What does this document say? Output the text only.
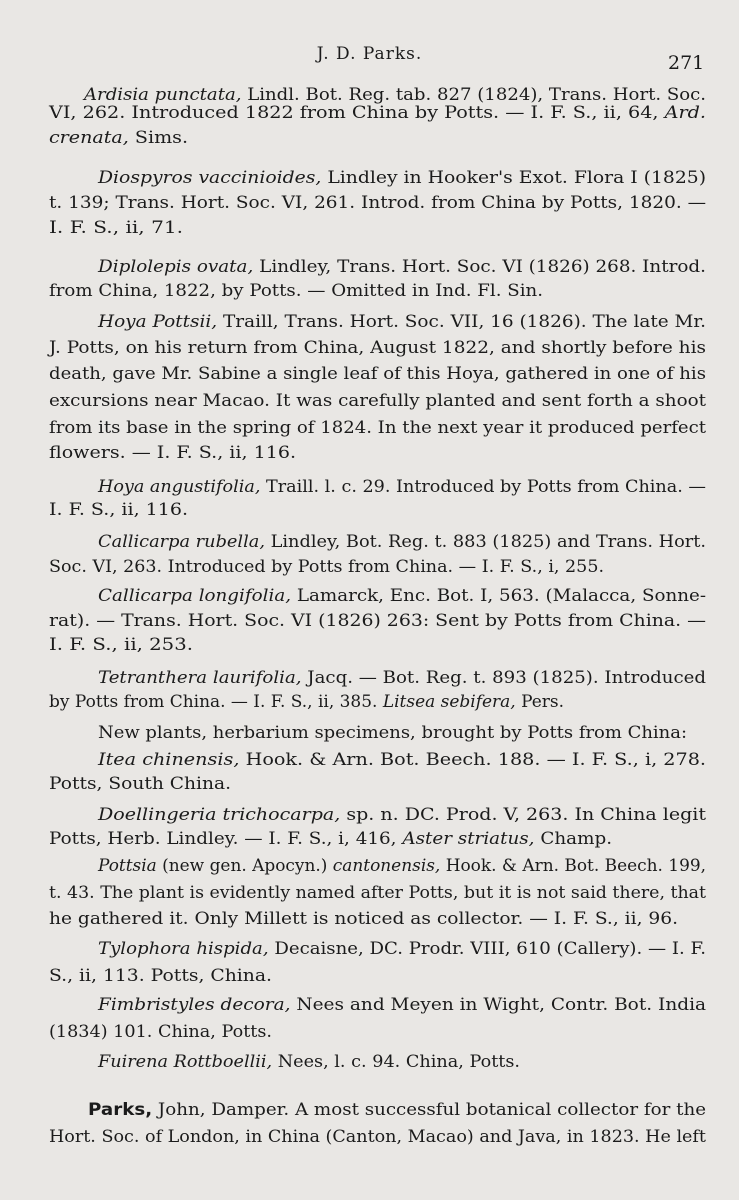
J. D. Parks.	271
Ardisia punctata, Lindl. Bot. Reg. tab. 827 (1824), Trans. Hort. Soc.
VI, 262. Introduced 1822 from China by Potts. — I. F. S., ii, 64, Ard.
crenata, Sims.
Diospyros vaccinioides, Lindley in Hooker's Exot. Flora I (1825)
t. 139; Trans. Hort. Soc. VI, 261. Introd. from China by Potts, 1820. —
I. F. S., ii, 71.
Diplolepis ovata, Lindley, Trans. Hort. Soc. VI (1826) 268. Introd.
from China, 1822, by Potts. — Omitted in Ind. Fl. Sin.
Hoya Pottsii, Traill, Trans. Hort. Soc. VII, 16 (1826). The late Mr.
J. Potts, on his return from China, August 1822, and shortly before his
death, gave Mr. Sabine a single leaf of this Hoya, gathered in one of his
excursions near Macao. It was carefully planted and sent forth a shoot
from its base in the spring of 1824. In the next year it produced perfect
flowers. — I. F. S., ii, 116.
Hoya angustifolia, Traill. l. c. 29. Introduced by Potts from China. —
I. F. S., ii, 116.
Callicarpa rubella, Lindley, Bot. Reg. t. 883 (1825) and Trans. Hort.
Soc. VI, 263. Introduced by Potts from China. — I. F. S., i, 255.
Callicarpa longifolia, Lamarck, Enc. Bot. I, 563. (Malacca, Sonne-
rat). — Trans. Hort. Soc. VI (1826) 263: Sent by Potts from China. —
I. F. S., ii, 253.
Tetranthera laurifolia, Jacq. — Bot. Reg. t. 893 (1825). Introduced
by Potts from China. — I. F. S., ii, 385. Litsea sebifera, Pers.
New plants, herbarium specimens, brought by Potts from China:
Itea chinensis, Hook. & Arn. Bot. Beech. 188. — I. F. S., i, 278.
Potts, South China.
Doellingeria trichocarpa, sp. n. DC. Prod. V, 263. In China legit
Potts, Herb. Lindley. — I. F. S., i, 416, Aster striatus, Champ.
Pottsia (new gen. Apocyn.) cantonensis, Hook. & Arn. Bot. Beech. 199,
t. 43. The plant is evidently named after Potts, but it is not said there, that
he gathered it. Only Millett is noticed as collector. — I. F. S., ii, 96.
Tylophora hispida, Decaisne, DC. Prodr. VIII, 610 (Callery). — I. F.
S., ii, 113. Potts, China.
Fimbristyles decora, Nees and Meyen in Wight, Contr. Bot. India
(1834) 101. China, Potts.
Fuirena Rottboellii, Nees, l. c. 94. China, Potts.
Parks, John, Damper. A most successful botanical collector for the
Hort. Soc. of London, in China (Canton, Macao) and Java, in 1823. He left
